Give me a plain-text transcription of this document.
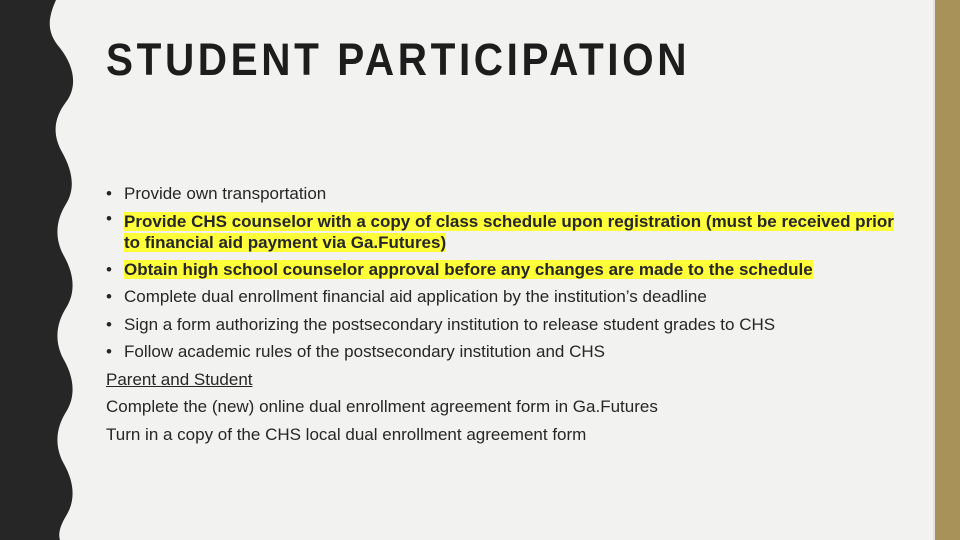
STUDENT PARTICIPATION
• Provide own transportation
• Provide CHS counselor with a copy of class schedule upon registration (must be received prior to financial aid payment via Ga.Futures)
• Obtain high school counselor approval before any changes are made to the schedule
• Complete dual enrollment financial aid application by the institution’s deadline
• Sign a form authorizing the postsecondary institution to release student grades to CHS
• Follow academic rules of the postsecondary institution and CHS

Parent and Student

Complete the (new) online dual enrollment agreement form in Ga.Futures

Turn in a copy of the CHS local dual enrollment agreement form
